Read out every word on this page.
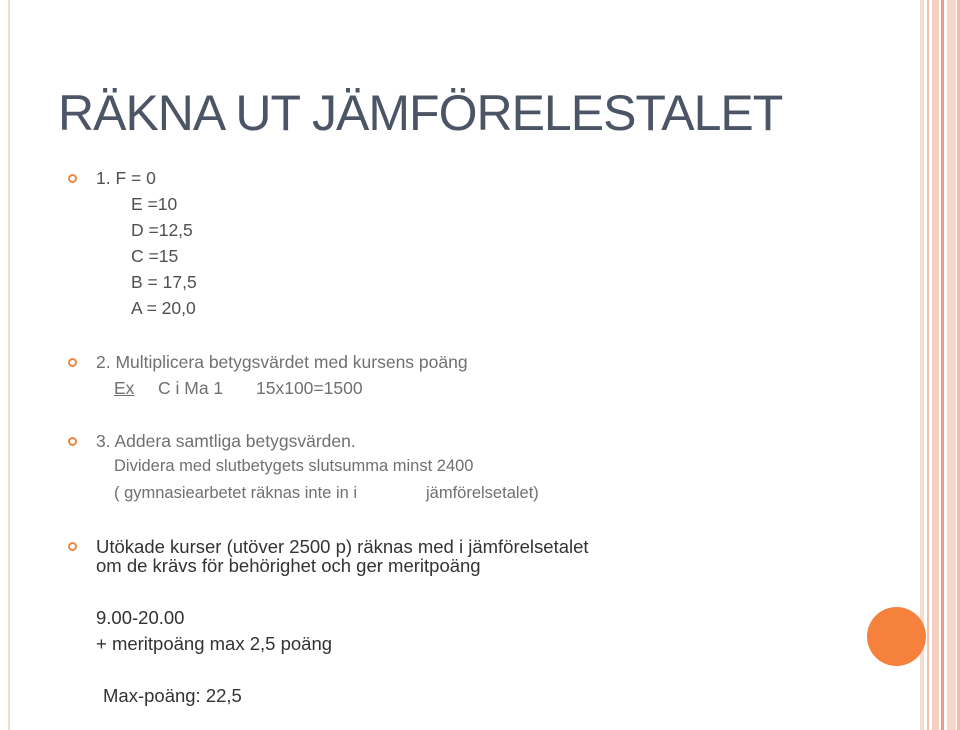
RÄKNA UT JÄMFÖRELESTALET
1. F = 0
E =10
D =12,5
C =15
B = 17,5
A = 20,0
2. Multiplicera betygsvärdet med kursens poäng
Ex C i Ma 1 15x100=1500
3. Addera samtliga betygsvärden.
Dividera med slutbetygets slutsumma minst 2400
( gymnasiearbetet räknas inte in i	jämförelsetalet)
Utökade kurser (utöver 2500 p) räknas med i jämförelsetalet
om de krävs för behörighet och ger meritpoäng
9.00-20.00
+ meritpoäng max 2,5 poäng
Max-poäng: 22,5
